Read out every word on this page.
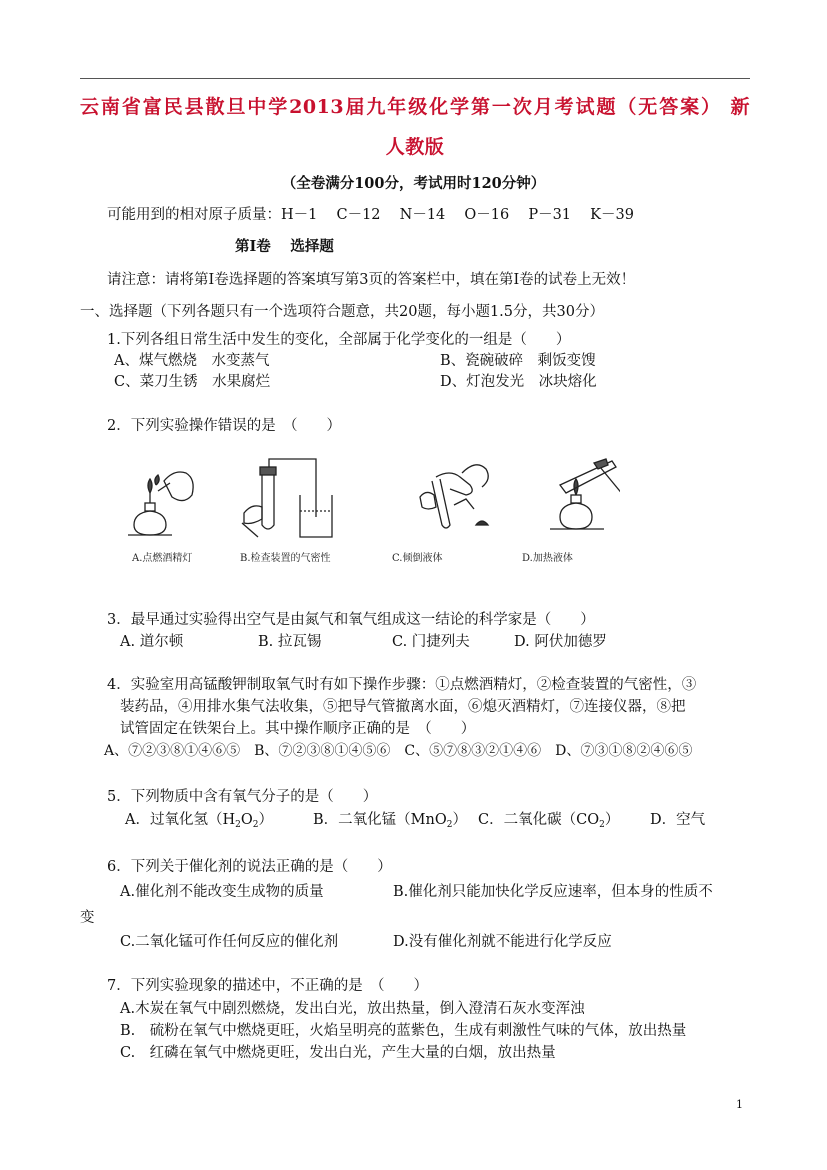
云南省富民县散旦中学2013届九年级化学第一次月考试题（无答案） 新
人教版
（全卷满分100分，考试用时120分钟）
可能用到的相对原子质量：H－1　 C－12　 N－14　 O－16　 P－31　 K－39
第Ⅰ卷　 选择题
请注意：请将第Ⅰ卷选择题的答案填写第3页的答案栏中，填在第Ⅰ卷的试卷上无效！
一、选择题（下列各题只有一个选项符合题意，共20题，每小题1.5分，共30分）
1.下列各组日常生活中发生的变化，全部属于化学变化的一组是（　　）
A、煤气燃烧　水变蒸气	B、瓷碗破碎　剩饭变馊
C、菜刀生锈　水果腐烂	D、灯泡发光　冰块熔化
2．下列实验操作错误的是　（　　）
A.点燃酒精灯	B.检查装置的气密性	C.倾倒液体	D.加热液体
3．最早通过实验得出空气是由氮气和氧气组成这一结论的科学家是（　　）
A. 道尔顿	B. 拉瓦锡	C. 门捷列夫	D. 阿伏加德罗
4．实验室用高锰酸钾制取氧气时有如下操作步骤：①点燃酒精灯，②检查装置的气密性，③
装药品，④用排水集气法收集，⑤把导气管撤离水面，⑥熄灭酒精灯，⑦连接仪器，⑧把
试管固定在铁架台上。其中操作顺序正确的是　（　　）
A、⑦②③⑧①④⑥⑤　B、⑦②③⑧①④⑤⑥　C、⑤⑦⑧③②①④⑥　D、⑦③①⑧②④⑥⑤
5．下列物质中含有氧气分子的是（　　）
A．过氧化氢$(H_2O_2)$	B．二氧化锰（MnO$_2$） C．二氧化碳$(CO_2)$ D．空气
6．下列关于催化剂的说法正确的是（　　）
A.催化剂不能改变生成物的质量	B.催化剂只能加快化学反应速率，但本身的性质不
变
C.二氧化锰可作任何反应的催化剂	D.没有催化剂就不能进行化学反应
7．下列实验现象的描述中，不正确的是　（　　）
A.木炭在氧气中剧烈燃烧，发出白光，放出热量，倒入澄清石灰水变浑浊
B.　硫粉在氧气中燃烧更旺，火焰呈明亮的蓝紫色，生成有刺激性气味的气体，放出热量
C.　红磷在氧气中燃烧更旺，发出白光，产生大量的白烟，放出热量
1
